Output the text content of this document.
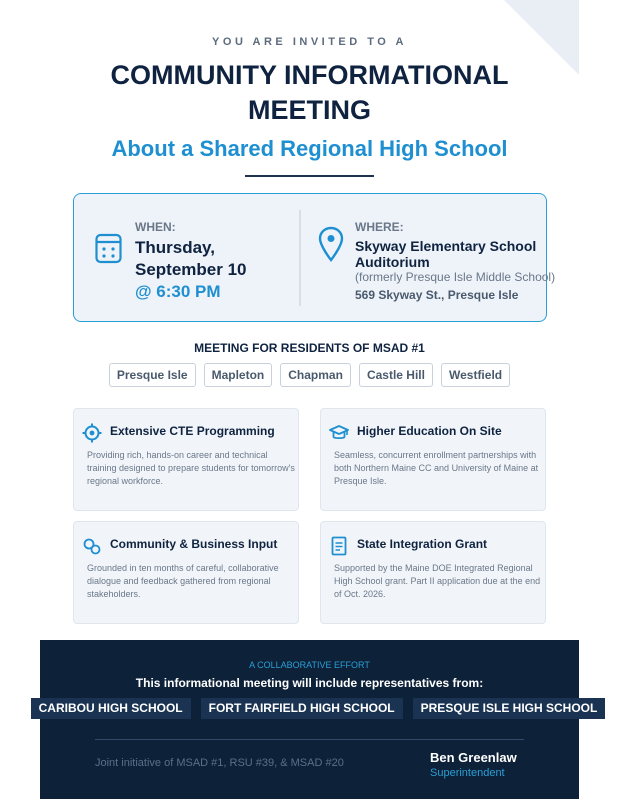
YOU ARE INVITED TO A
COMMUNITY INFORMATIONAL MEETING
About a Shared Regional High School
WHEN:
Thursday, September 10
@ 6:30 PM
WHERE:
Skyway Elementary School Auditorium
(formerly Presque Isle Middle School)
569 Skyway St., Presque Isle
MEETING FOR RESIDENTS OF MSAD #1
Presque Isle	Mapleton	Chapman	Castle Hill	Westfield
Extensive CTE Programming
Providing rich, hands-on career and technical training designed to prepare students for tomorrow's regional workforce.
Higher Education On Site
Seamless, concurrent enrollment partnerships with both Northern Maine CC and University of Maine at Presque Isle.
Community & Business Input
Grounded in ten months of careful, collaborative dialogue and feedback gathered from regional stakeholders.
State Integration Grant
Supported by the Maine DOE Integrated Regional High School grant. Part II application due at the end of Oct. 2026.
A COLLABORATIVE EFFORT
This informational meeting will include representatives from:
CARIBOU HIGH SCHOOL	FORT FAIRFIELD HIGH SCHOOL	PRESQUE ISLE HIGH SCHOOL
Joint initiative of MSAD #1, RSU #39, & MSAD #20	Ben Greenlaw
Superintendent
